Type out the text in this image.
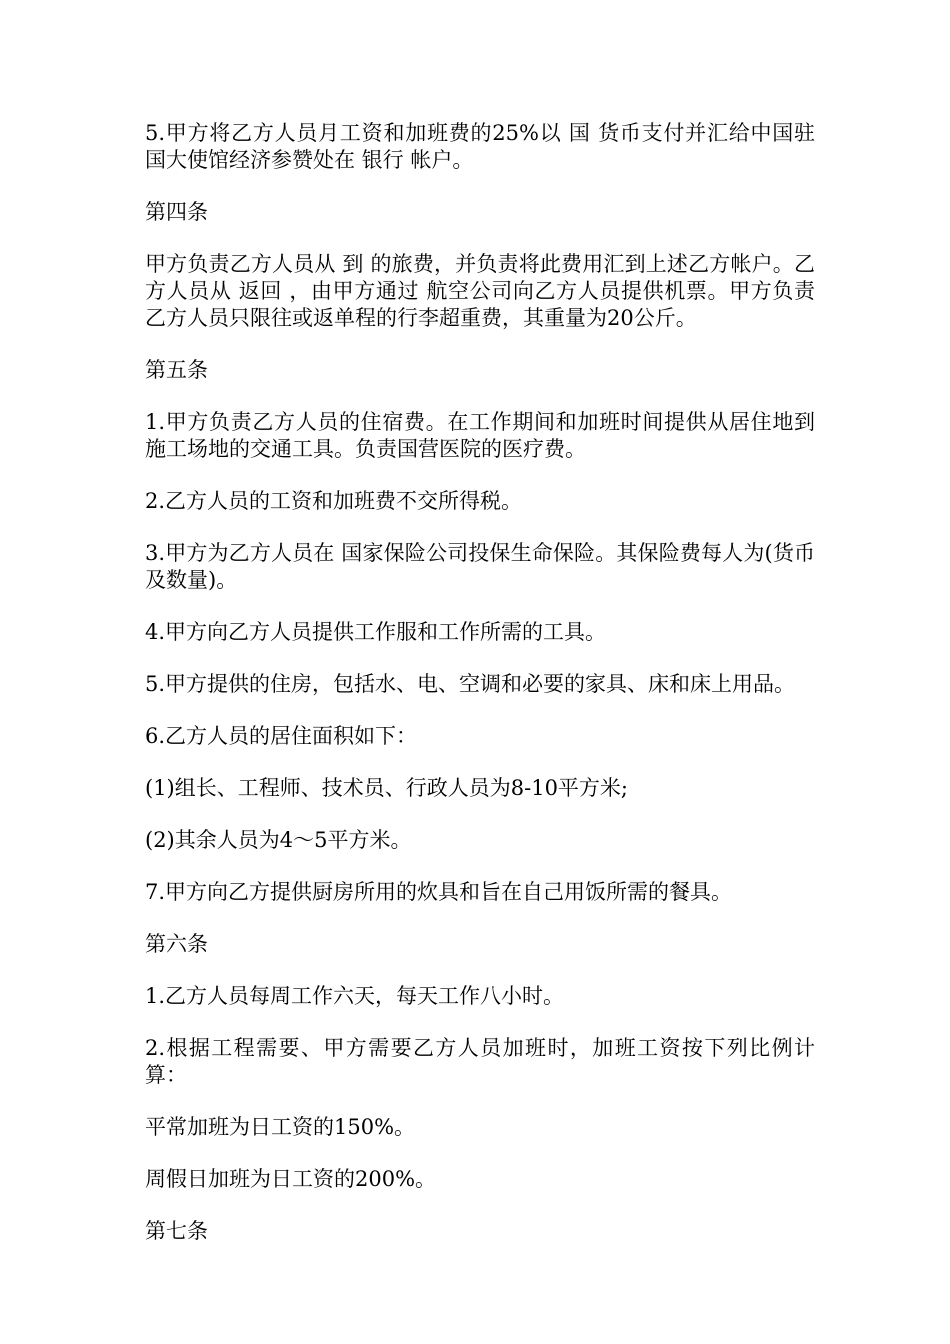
5.甲方将乙方人员月工资和加班费的25%以 国 货币支付并汇给中国驻 国大使馆经济参赞处在 银行 帐户。

第四条

甲方负责乙方人员从 到 的旅费，并负责将此费用汇到上述乙方帐户。乙方人员从 返回 ，由甲方通过 航空公司向乙方人员提供机票。甲方负责乙方人员只限往或返单程的行李超重费，其重量为20公斤。

第五条

1.甲方负责乙方人员的住宿费。在工作期间和加班时间提供从居住地到施工场地的交通工具。负责国营医院的医疗费。

2.乙方人员的工资和加班费不交所得税。

3.甲方为乙方人员在 国家保险公司投保生命保险。其保险费每人为(货币及数量)。

4.甲方向乙方人员提供工作服和工作所需的工具。

5.甲方提供的住房，包括水、电、空调和必要的家具、床和床上用品。

6.乙方人员的居住面积如下：

(1)组长、工程师、技术员、行政人员为8-10平方米;

(2)其余人员为4～5平方米。

7.甲方向乙方提供厨房所用的炊具和旨在自己用饭所需的餐具。

第六条

1.乙方人员每周工作六天，每天工作八小时。

2.根据工程需要、甲方需要乙方人员加班时，加班工资按下列比例计算：

平常加班为日工资的150%。

周假日加班为日工资的200%。

第七条
